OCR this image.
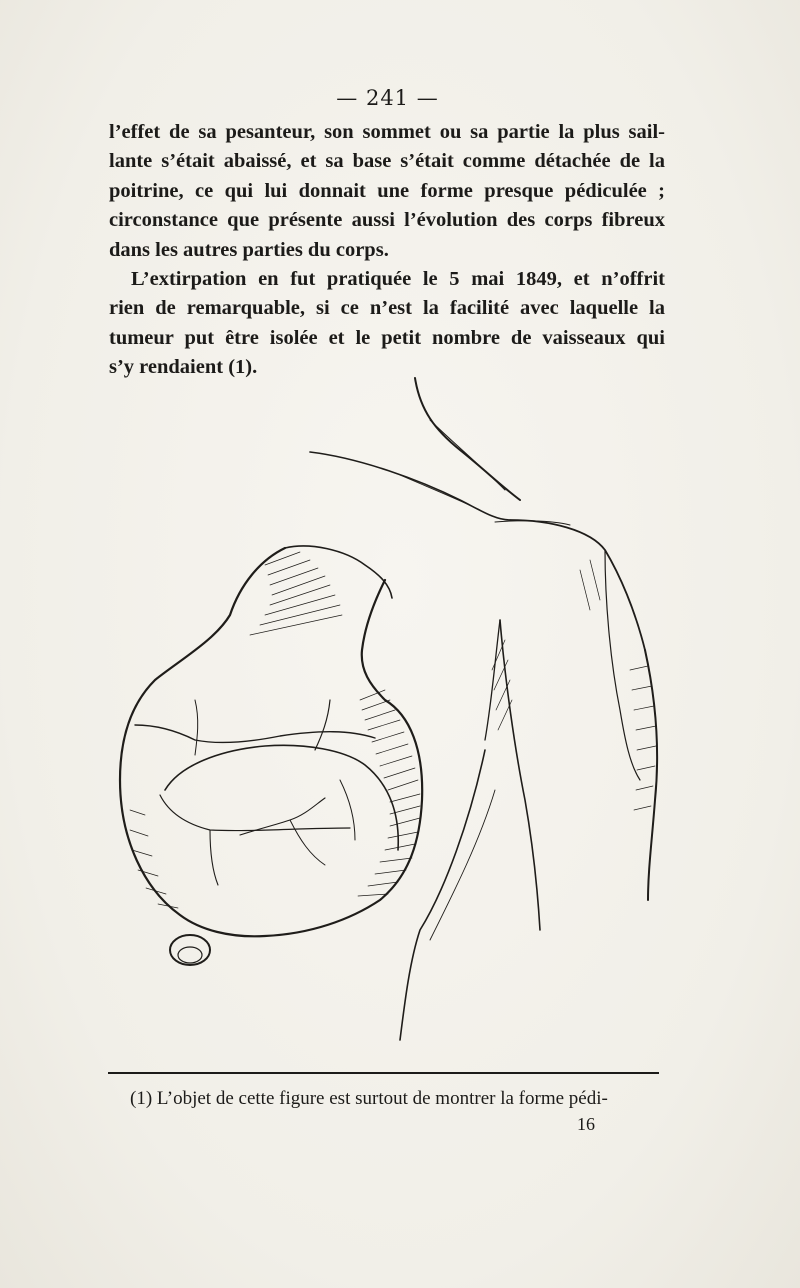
— 241 —
l’effet de sa pesanteur, son sommet ou sa partie la plus sail-
lante s’était abaissé, et sa base s’était comme détachée de la
poitrine, ce qui lui donnait une forme presque pédiculée ;
circonstance que présente aussi l’évolution des corps fibreux
dans les autres parties du corps.
L’extirpation en fut pratiquée le 5 mai 1849, et n’offrit
rien de remarquable, si ce n’est la facilité avec laquelle la
tumeur put être isolée et le petit nombre de vaisseaux qui
s’y rendaient (1).
(1) L’objet de cette figure est surtout de montrer la forme pédi-
16
